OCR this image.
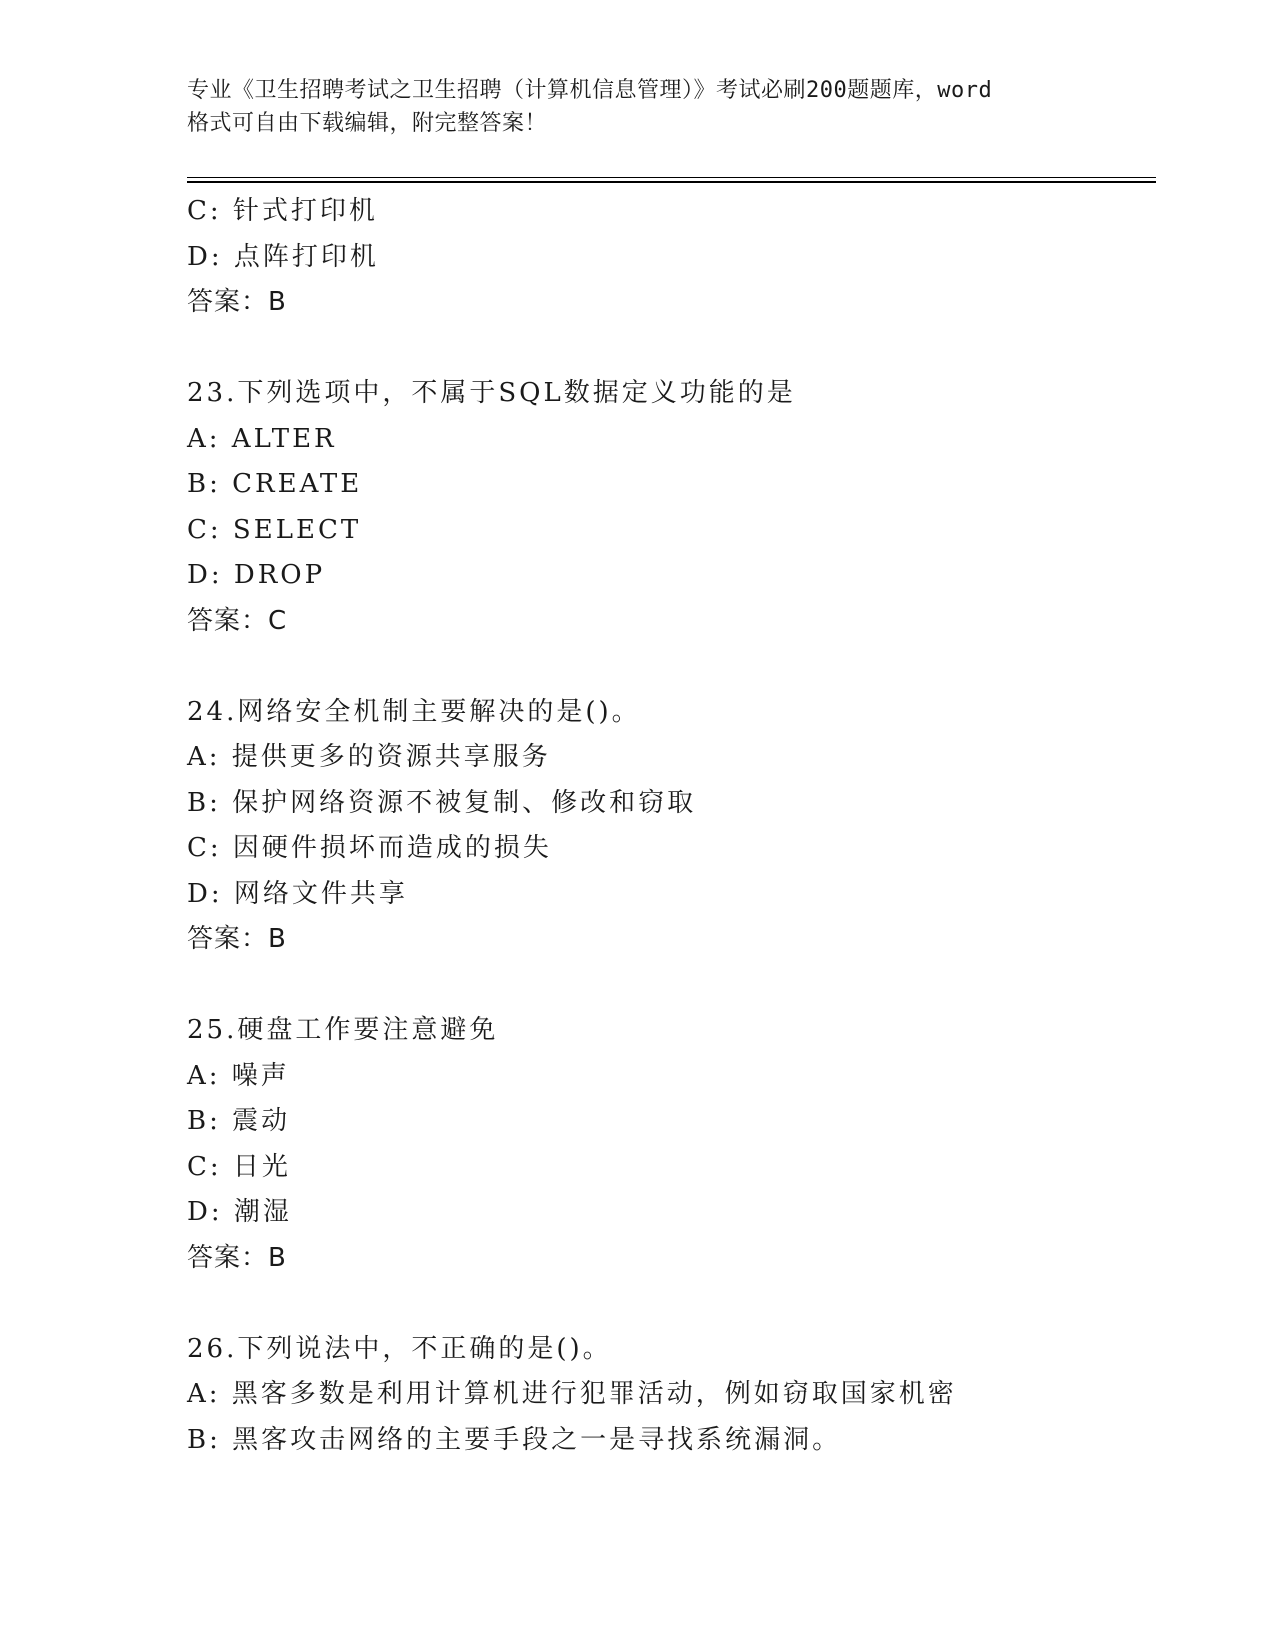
专业《卫生招聘考试之卫生招聘（计算机信息管理）》考试必刷200题题库，word
格式可自由下载编辑，附完整答案！
C: 针式打印机
D: 点阵打印机
答案：B
23.下列选项中，不属于SQL数据定义功能的是
A: ALTER
B: CREATE
C: SELECT
D: DROP
答案：C
24.网络安全机制主要解决的是()。
A: 提供更多的资源共享服务
B: 保护网络资源不被复制、修改和窃取
C: 因硬件损坏而造成的损失
D: 网络文件共享
答案：B
25.硬盘工作要注意避免
A: 噪声
B: 震动
C: 日光
D: 潮湿
答案：B
26.下列说法中，不正确的是()。
A: 黑客多数是利用计算机进行犯罪活动，例如窃取国家机密
B: 黑客攻击网络的主要手段之一是寻找系统漏洞。
